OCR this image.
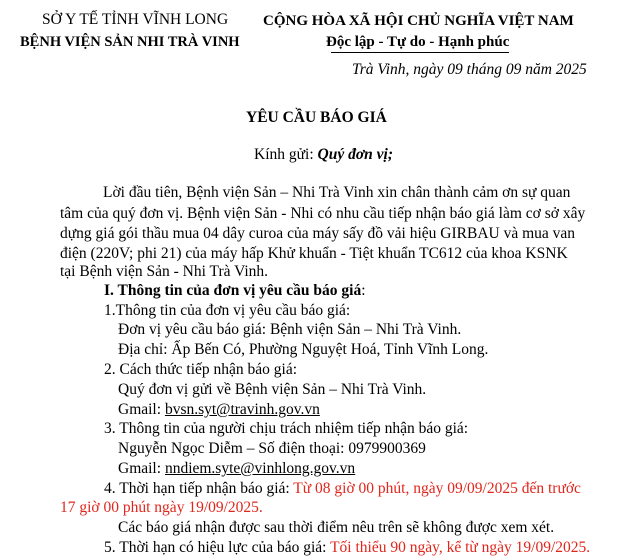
SỞ Y TẾ TỈNH VĨNH LONG
BỆNH VIỆN SẢN NHI TRÀ VINH
CỘNG HÒA XÃ HỘI CHỦ NGHĨA VIỆT NAM
Độc lập - Tự do - Hạnh phúc
Trà Vinh, ngày 09 tháng 09 năm 2025
YÊU CẦU BÁO GIÁ
Kính gửi: Quý đơn vị;
Lời đầu tiên, Bệnh viện Sản – Nhi Trà Vinh xin chân thành cảm ơn sự quan
tâm của quý đơn vị. Bệnh viện Sản - Nhi có nhu cầu tiếp nhận báo giá làm cơ sở xây
dựng giá gói thầu mua 04 dây curoa của máy sấy đồ vải hiệu GIRBAU và mua van
điện (220V; phi 21) của máy hấp Khử khuẩn - Tiệt khuẩn TC612 của khoa KSNK
tại Bệnh viện Sản - Nhi Trà Vinh.
I. Thông tin của đơn vị yêu cầu báo giá:
1.Thông tin của đơn vị yêu cầu báo giá:
Đơn vị yêu cầu báo giá: Bệnh viện Sản – Nhi Trà Vinh.
Địa chỉ: Ấp Bến Có, Phường Nguyệt Hoá, Tỉnh Vĩnh Long.
2. Cách thức tiếp nhận báo giá:
Quý đơn vị gửi về Bệnh viện Sản – Nhi Trà Vinh.
Gmail: bvsn.syt@travinh.gov.vn
3. Thông tin của người chịu trách nhiệm tiếp nhận báo giá:
Nguyễn Ngọc Diễm – Số điện thoại: 0979900369
Gmail: nndiem.syte@vinhlong.gov.vn
4. Thời hạn tiếp nhận báo giá: Từ 08 giờ 00 phút, ngày 09/09/2025 đến trước
17 giờ 00 phút ngày 19/09/2025.
Các báo giá nhận được sau thời điểm nêu trên sẽ không được xem xét.
5. Thời hạn có hiệu lực của báo giá: Tối thiểu 90 ngày, kể từ ngày 19/09/2025.
